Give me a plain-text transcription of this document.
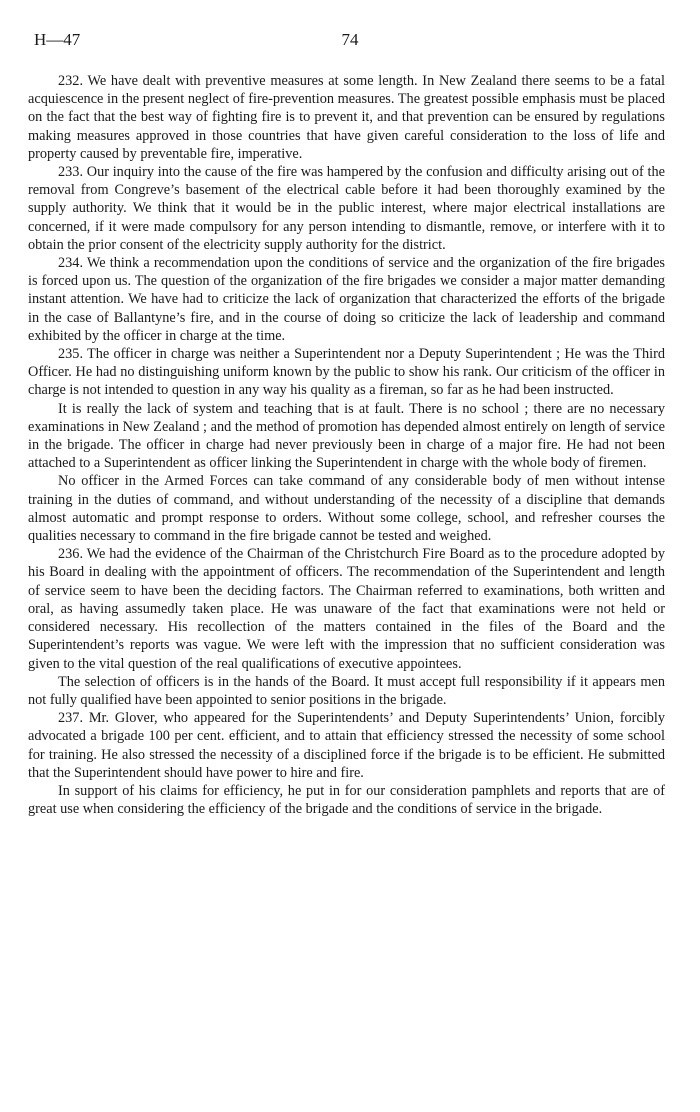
H—47	74

232. We have dealt with preventive measures at some length. In New Zealand there seems to be a fatal acquiescence in the present neglect of fire-prevention measures. The greatest possible emphasis must be placed on the fact that the best way of fighting fire is to prevent it, and that prevention can be ensured by regulations making measures approved in those countries that have given careful consideration to the loss of life and property caused by preventable fire, imperative.

233. Our inquiry into the cause of the fire was hampered by the confusion and difficulty arising out of the removal from Congreve’s basement of the electrical cable before it had been thoroughly examined by the supply authority. We think that it would be in the public interest, where major electrical installations are concerned, if it were made compulsory for any person intending to dismantle, remove, or interfere with it to obtain the prior consent of the electricity supply authority for the district.

234. We think a recommendation upon the conditions of service and the organization of the fire brigades is forced upon us. The question of the organization of the fire brigades we consider a major matter demanding instant attention. We have had to criticize the lack of organization that characterized the efforts of the brigade in the case of Ballantyne’s fire, and in the course of doing so criticize the lack of leadership and command exhibited by the officer in charge at the time.

235. The officer in charge was neither a Superintendent nor a Deputy Superintendent ; He was the Third Officer. He had no distinguishing uniform known by the public to show his rank. Our criticism of the officer in charge is not intended to question in any way his quality as a fireman, so far as he had been instructed.

It is really the lack of system and teaching that is at fault. There is no school ; there are no necessary examinations in New Zealand ; and the method of promotion has depended almost entirely on length of service in the brigade. The officer in charge had never previously been in charge of a major fire. He had not been attached to a Superintendent as officer linking the Superintendent in charge with the whole body of firemen.

No officer in the Armed Forces can take command of any considerable body of men without intense training in the duties of command, and without understanding of the necessity of a discipline that demands almost automatic and prompt response to orders. Without some college, school, and refresher courses the qualities necessary to command in the fire brigade cannot be tested and weighed.

236. We had the evidence of the Chairman of the Christchurch Fire Board as to the procedure adopted by his Board in dealing with the appointment of officers. The recommendation of the Superintendent and length of service seem to have been the deciding factors. The Chairman referred to examinations, both written and oral, as having assumedly taken place. He was unaware of the fact that examinations were not held or considered necessary. His recollection of the matters contained in the files of the Board and the Superintendent’s reports was vague. We were left with the impression that no sufficient consideration was given to the vital question of the real qualifications of executive appointees.

The selection of officers is in the hands of the Board. It must accept full responsibility if it appears men not fully qualified have been appointed to senior positions in the brigade.

237. Mr. Glover, who appeared for the Superintendents’ and Deputy Superintendents’ Union, forcibly advocated a brigade 100 per cent. efficient, and to attain that efficiency stressed the necessity of some school for training. He also stressed the necessity of a disciplined force if the brigade is to be efficient. He submitted that the Superintendent should have power to hire and fire.

In support of his claims for efficiency, he put in for our consideration pamphlets and reports that are of great use when considering the efficiency of the brigade and the conditions of service in the brigade.
